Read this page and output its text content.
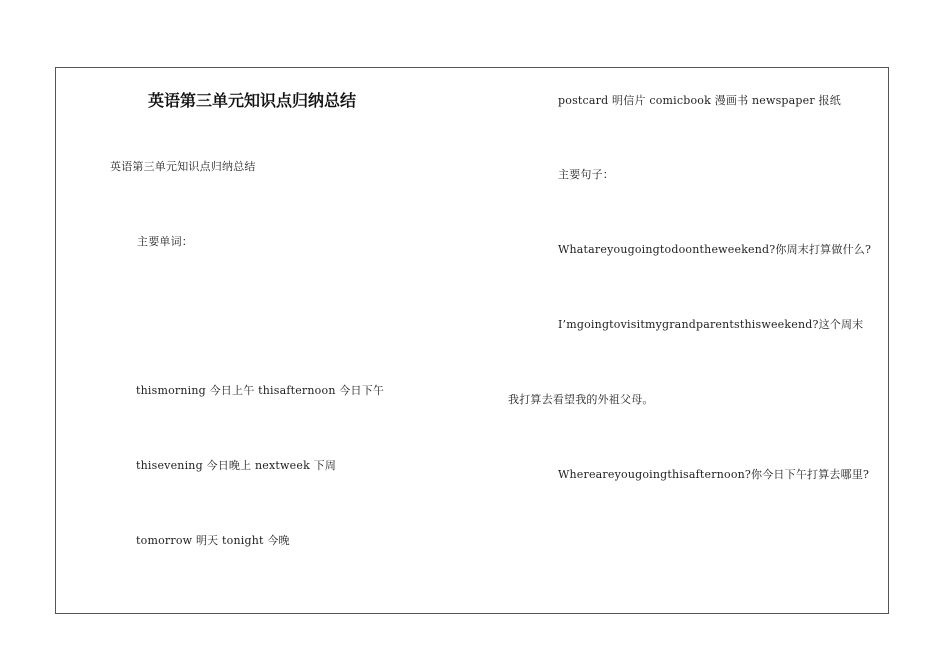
英语第三单元知识点归纳总结
英语第三单元知识点归纳总结
主要单词：
thismorning 今日上午 thisafternoon 今日下午
thisevening 今日晚上 nextweek 下周
tomorrow 明天 tonight 今晚
postcard 明信片 comicbook 漫画书 newspaper 报纸
主要句子：
Whatareyougoingtodoontheweekend?你周末打算做什么?
I’mgoingtovisitmygrandparentsthisweekend?这个周末
我打算去看望我的外祖父母。
Whereareyougoingthisafternoon?你今日下午打算去哪里?
